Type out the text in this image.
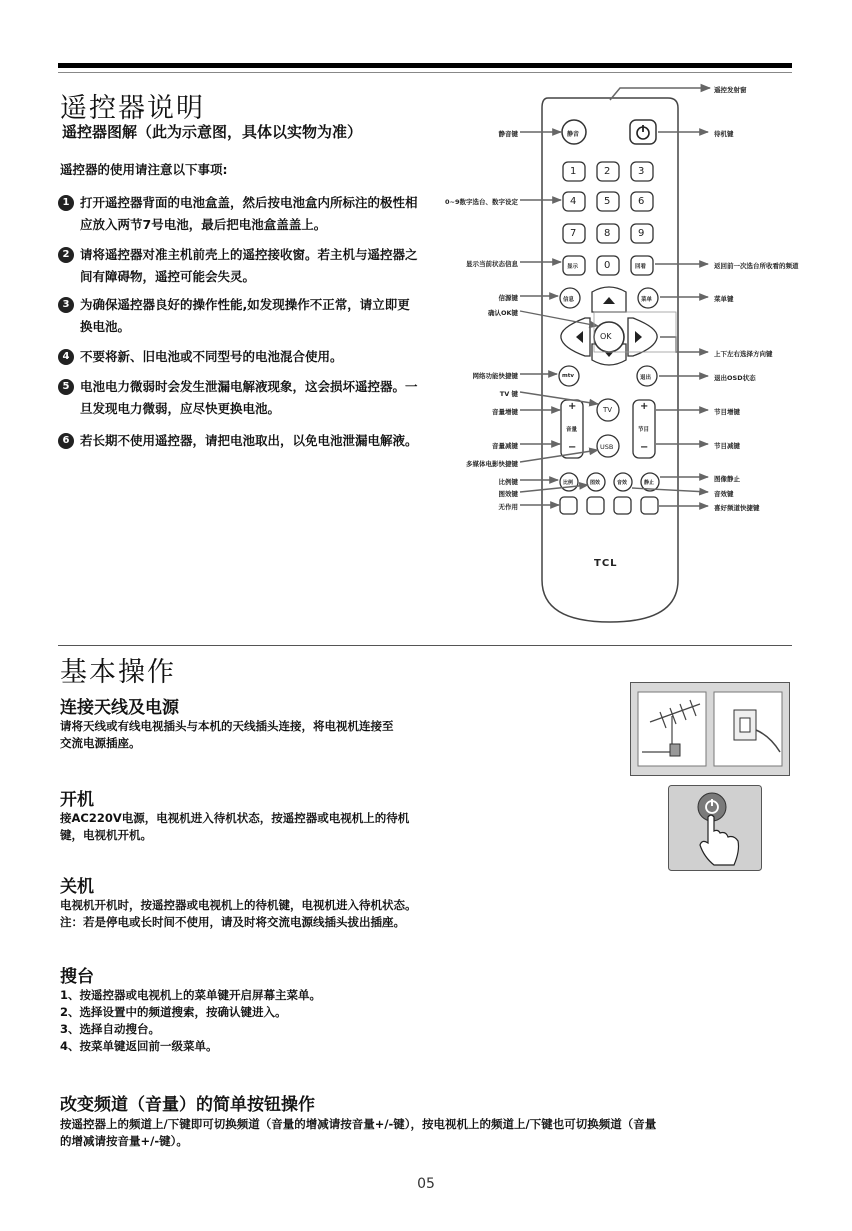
遥控器说明
遥控器图解（此为示意图，具体以实物为准）
遥控器的使用请注意以下事项:
1 打开遥控器背面的电池盒盖，然后按电池盒内所标注的极性相应放入两节7号电池，最后把电池盒盖盖上。
2 请将遥控器对准主机前壳上的遥控接收窗。若主机与遥控器之间有障碍物，遥控可能会失灵。
3 为确保遥控器良好的操作性能,如发现操作不正常，请立即更换电池。
4 不要将新、旧电池或不同型号的电池混合使用。
5 电池电力微弱时会发生泄漏电解液现象，这会损坏遥控器。一旦发现电力微弱，应尽快更换电池。
6 若长期不使用遥控器，请把电池取出，以免电池泄漏电解液。
静音
1	2	3
4	5	6
7	8	9
显示	0	回看
信息	菜单
OK
mtv	退出
TV
USB
+
音量
−
+
节目
−
比例	图效	音效	静止
TCL
静音键
0~9数字选台、数字设定
显示当前状态信息
信源键
确认OK键
网络功能快捷键
TV 键
音量增键
音量减键
多媒体电影快捷键
比例键
图效键
无作用
遥控发射窗
待机键
返回前一次选台所收看的频道
菜单键
上下左右选择方向键
退出OSD状态
节目增键
节目减键
图像静止
音效键
喜好频道快捷键
基本操作
连接天线及电源
请将天线或有线电视插头与本机的天线插头连接，将电视机连接至
交流电源插座。
开机
接AC220V电源，电视机进入待机状态，按遥控器或电视机上的待机
键，电视机开机。
关机
电视机开机时，按遥控器或电视机上的待机键，电视机进入待机状态。
注：若是停电或长时间不使用，请及时将交流电源线插头拔出插座。
搜台
1、按遥控器或电视机上的菜单键开启屏幕主菜单。
2、选择设置中的频道搜索，按确认键进入。
3、选择自动搜台。
4、按菜单键返回前一级菜单。
改变频道（音量）的简单按钮操作
按遥控器上的频道上/下键即可切换频道（音量的增减请按音量+/-键），按电视机上的频道上/下键也可切换频道（音量
的增减请按音量+/-键）。
05
